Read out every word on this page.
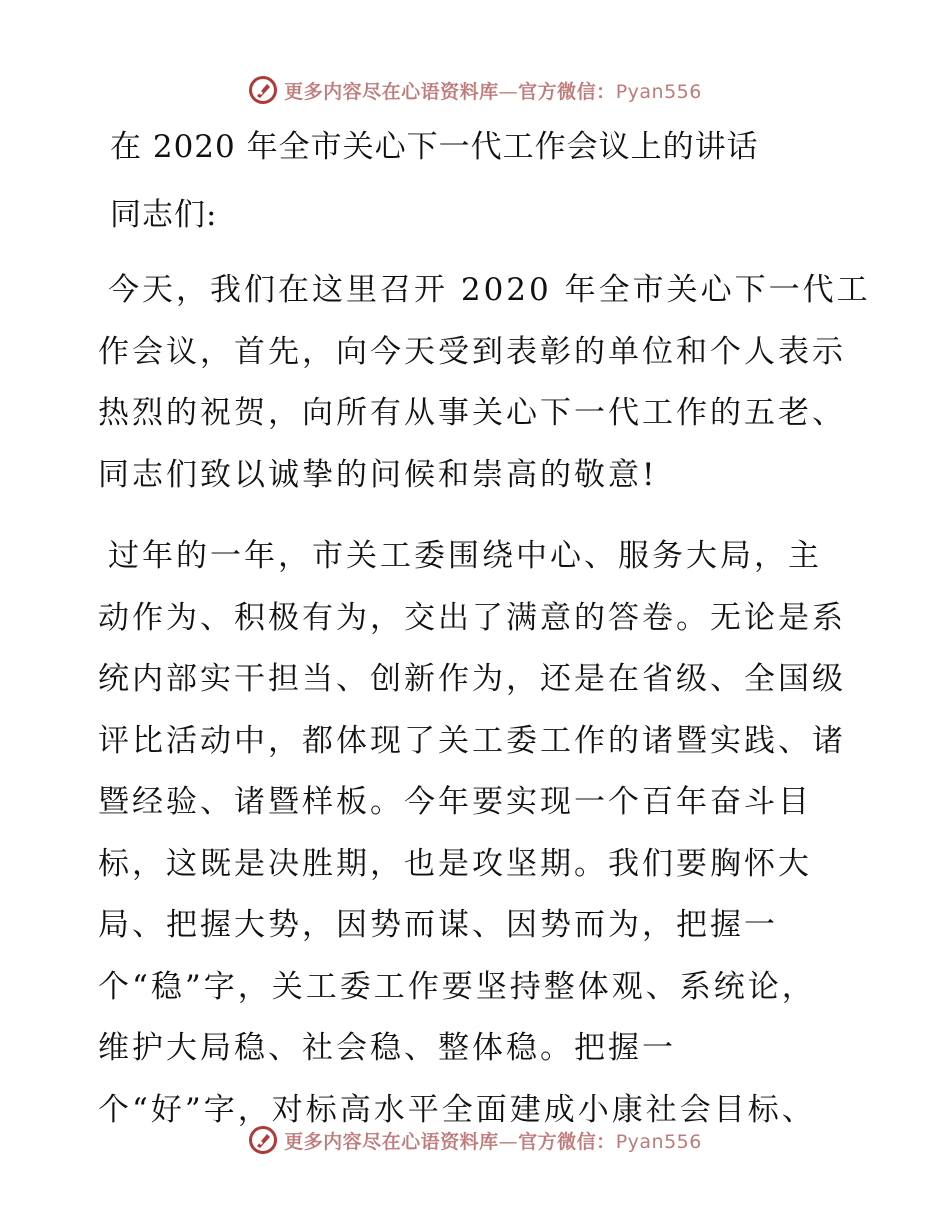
更多内容尽在心语资料库—官方微信：Pyan556
在 2020 年全市关心下一代工作会议上的讲话
同志们:
今天，我们在这里召开 2020 年全市关心下一代工
作会议，首先，向今天受到表彰的单位和个人表示
热烈的祝贺，向所有从事关心下一代工作的五老、
同志们致以诚挚的问候和崇高的敬意!
过年的一年，市关工委围绕中心、服务大局，主
动作为、积极有为，交出了满意的答卷。无论是系
统内部实干担当、创新作为，还是在省级、全国级
评比活动中，都体现了关工委工作的诸暨实践、诸
暨经验、诸暨样板。今年要实现一个百年奋斗目
标，这既是决胜期，也是攻坚期。我们要胸怀大
局、把握大势，因势而谋、因势而为，把握一
个“稳”字，关工委工作要坚持整体观、系统论，
维护大局稳、社会稳、整体稳。把握一
个“好”字，对标高水平全面建成小康社会目标、
更多内容尽在心语资料库—官方微信：Pyan556
